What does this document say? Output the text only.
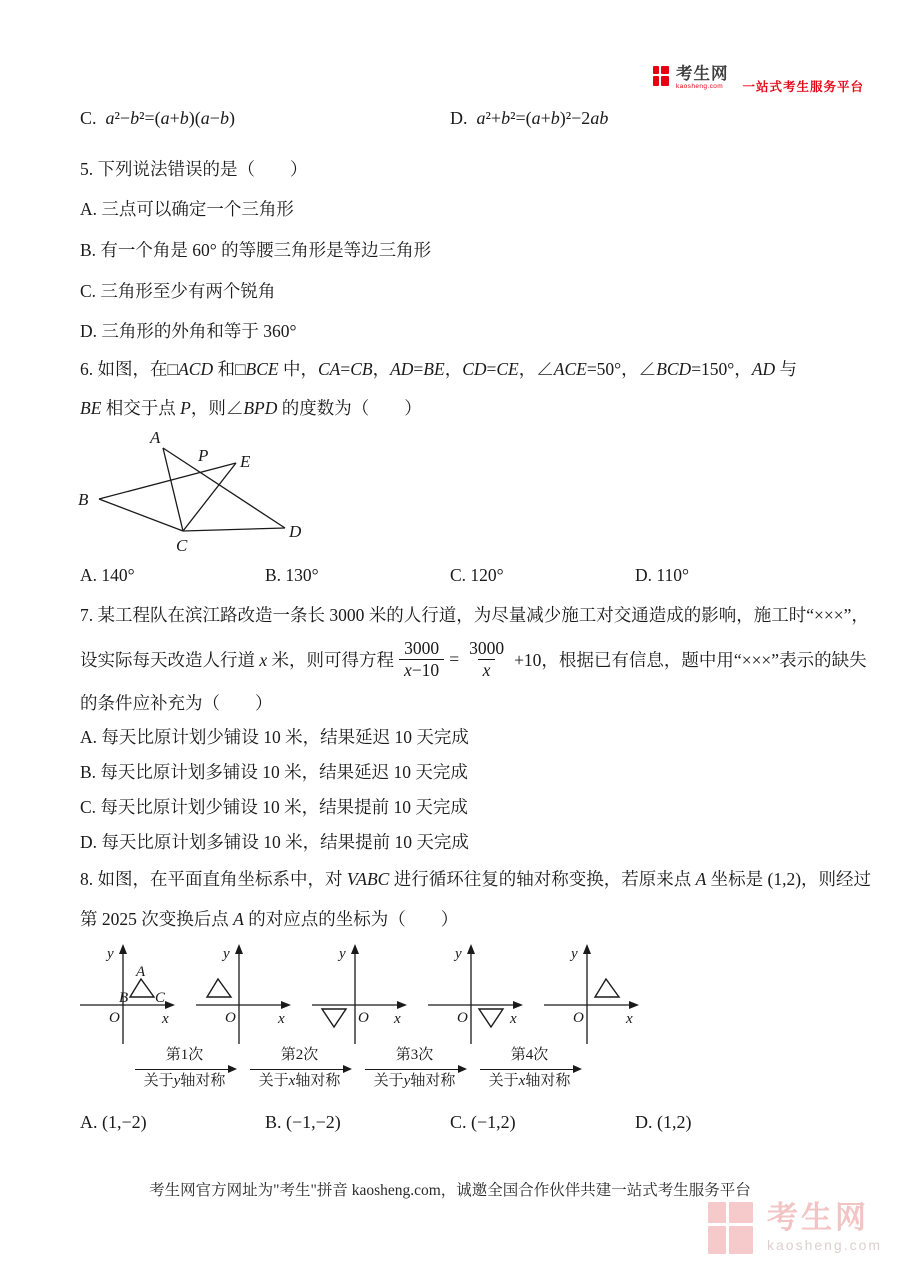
考生网
kaosheng.com	一站式考生服务平台
C. a²−b²=(a+b)(a−b)	D. a²+b²=(a+b)²−2ab
5. 下列说法错误的是（　　）
A. 三点可以确定一个三角形
B. 有一个角是 60° 的等腰三角形是等边三角形
C. 三角形至少有两个锐角
D. 三角形的外角和等于 360°
6. 如图，在□ACD 和□BCE 中，CA=CB，AD=BE，CD=CE，∠ACE=50°，∠BCD=150°，AD 与
BE 相交于点 P，则∠BPD 的度数为（　　）
A
P E
B
C
D
A. 140°	B. 130°	C. 120°	D. 110°
7. 某工程队在滨江路改造一条长 3000 米的人行道，为尽量减少施工对交通造成的影响，施工时“×××”，
设实际每天改造人行道 x 米，则可得方程 $\frac{3000}{x-10} = \frac{3000}{x} +10$，根据已有信息，题中用“×××”表示的缺失
的条件应补充为（　　）
A. 每天比原计划少铺设 10 米，结果延迟 10 天完成
B. 每天比原计划多铺设 10 米，结果延迟 10 天完成
C. 每天比原计划少铺设 10 米，结果提前 10 天完成
D. 每天比原计划多铺设 10 米，结果提前 10 天完成
8. 如图，在平面直角坐标系中，对 VABC 进行循环往复的轴对称变换，若原来点 A 坐标是 (1,2)，则经过
第 2025 次变换后点 A 的对应点的坐标为（　　）
y
x
O
A
B C
y
x
O
y
x
O
y
x
O
y
x
O
第1次
关于y轴对称
第2次
关于x轴对称
第3次
关于y轴对称
第4次
关于x轴对称
A. (1,−2)	B. (−1,−2)	C. (−1,2)	D. (1,2)
考生网官方网址为"考生"拼音 kaosheng.com，诚邀全国合作伙伴共建一站式考生服务平台
考生网
kaosheng.com
